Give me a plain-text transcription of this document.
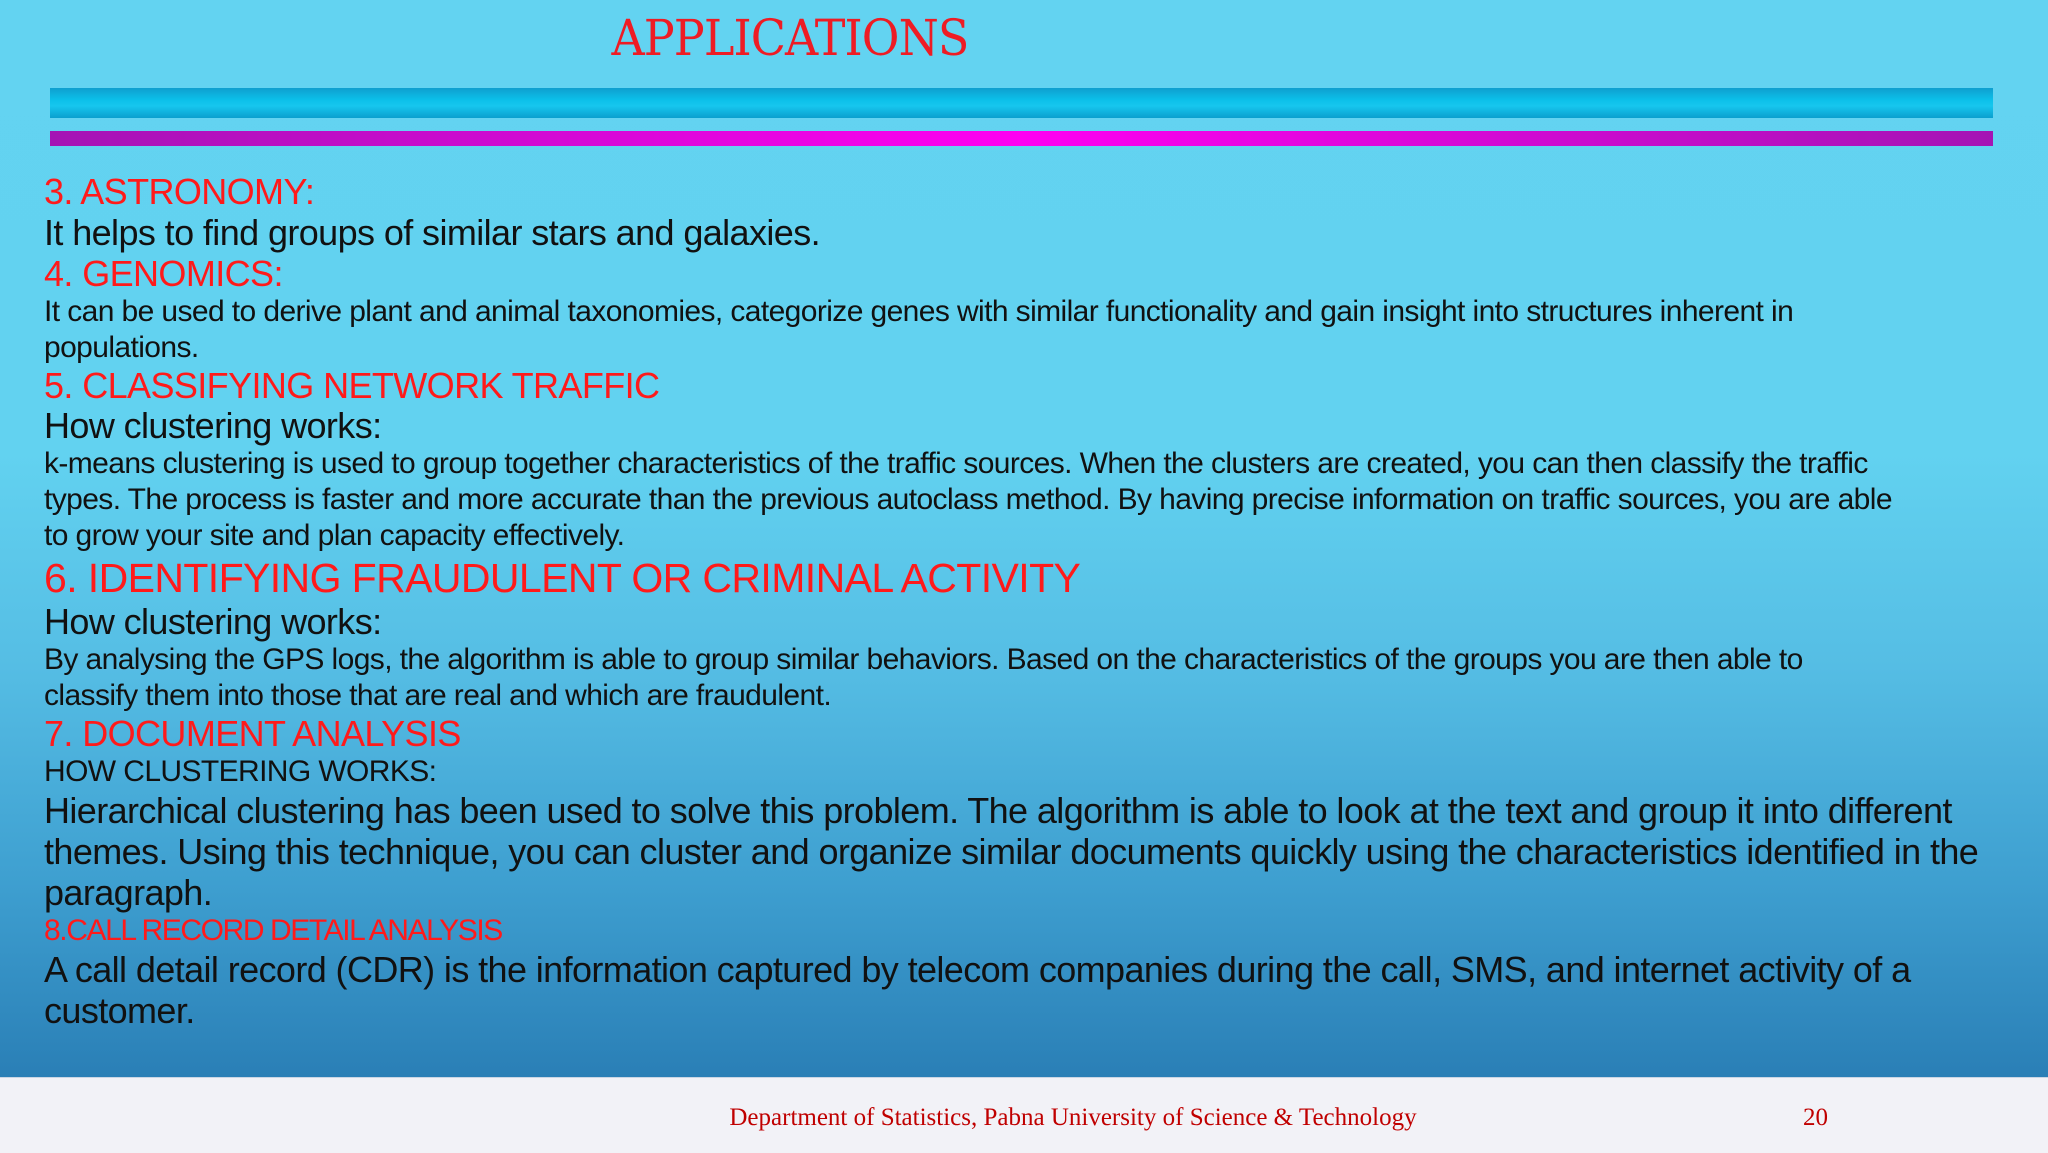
APPLICATIONS
3. ASTRONOMY:
It helps to find groups of similar stars and galaxies.
4. GENOMICS:
It can be used to derive plant and animal taxonomies, categorize genes with similar functionality and gain insight into structures inherent in
populations.
5. CLASSIFYING NETWORK TRAFFIC
How clustering works:
k-means clustering is used to group together characteristics of the traffic sources. When the clusters are created, you can then classify the traffic
types. The process is faster and more accurate than the previous autoclass method. By having precise information on traffic sources, you are able
to grow your site and plan capacity effectively.
6. IDENTIFYING FRAUDULENT OR CRIMINAL ACTIVITY
How clustering works:
By analysing the GPS logs, the algorithm is able to group similar behaviors. Based on the characteristics of the groups you are then able to
classify them into those that are real and which are fraudulent.
7. DOCUMENT ANALYSIS
HOW CLUSTERING WORKS:
Hierarchical clustering has been used to solve this problem. The algorithm is able to look at the text and group it into different
themes. Using this technique, you can cluster and organize similar documents quickly using the characteristics identified in the
paragraph.
8.CALL RECORD DETAIL ANALYSIS
A call detail record (CDR) is the information captured by telecom companies during the call, SMS, and internet activity of a
customer.
Department of Statistics, Pabna University of Science & Technology	20
